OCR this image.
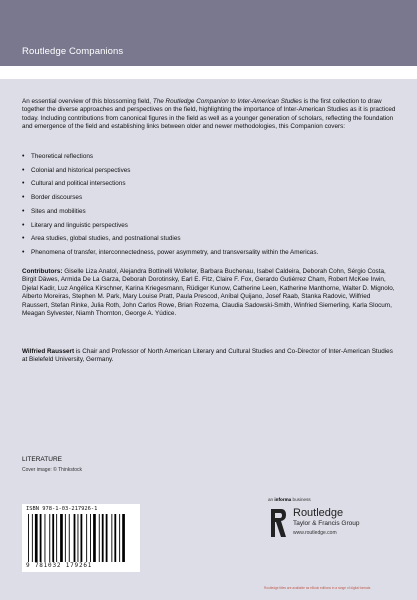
Routledge Companions

An essential overview of this blossoming field, The Routledge Companion to Inter-American Studies is the first collection to draw together the diverse approaches and perspectives on the field, highlighting the importance of Inter-American Studies as it is practiced today. Including contributions from canonical figures in the field as well as a younger generation of scholars, reflecting the foundation and emergence of the field and establishing links between older and newer methodologies, this Companion covers:

• Theoretical reflections
• Colonial and historical perspectives
• Cultural and political intersections
• Border discourses
• Sites and mobilities
• Literary and linguistic perspectives
• Area studies, global studies, and postnational studies
• Phenomena of transfer, interconnectedness, power asymmetry, and transversality within the Americas.

Contributors: Giselle Liza Anatol, Alejandra Bottinelli Wolleter, Barbara Buchenau, Isabel Caldeira, Deborah Cohn, Sérgio Costa, Birgit Däwes, Armida De La Garza, Deborah Dorotinsky, Earl E. Fitz, Claire F. Fox, Gerardo Gutiérrez Cham, Robert McKee Irwin, Djelal Kadir, Luz Angélica Kirschner, Karina Kriegesmann, Rüdiger Kunow, Catherine Leen, Katherine Manthorne, Walter D. Mignolo, Alberto Moreiras, Stephen M. Park, Mary Louise Pratt, Paula Prescod, Aníbal Quijano, Josef Raab, Stanka Radovic, Wilfried Raussert, Stefan Rinke, Julia Roth, John Carlos Rowe, Brian Rozema, Claudia Sadowski-Smith, Winfried Siemerling, Karla Slocum, Meagan Sylvester, Niamh Thornton, George A. Yúdice.

Wilfried Raussert is Chair and Professor of North American Literary and Cultural Studies and Co-Director of Inter-American Studies at Bielefeld University, Germany.

LITERATURE
Cover image: © Thinkstock
an informa business
ISBN 978-1-03-217926-1
9 781032 179261
Routledge
Taylor & Francis Group
www.routledge.com
Routledge titles are available as eBook editions in a range of digital formats
